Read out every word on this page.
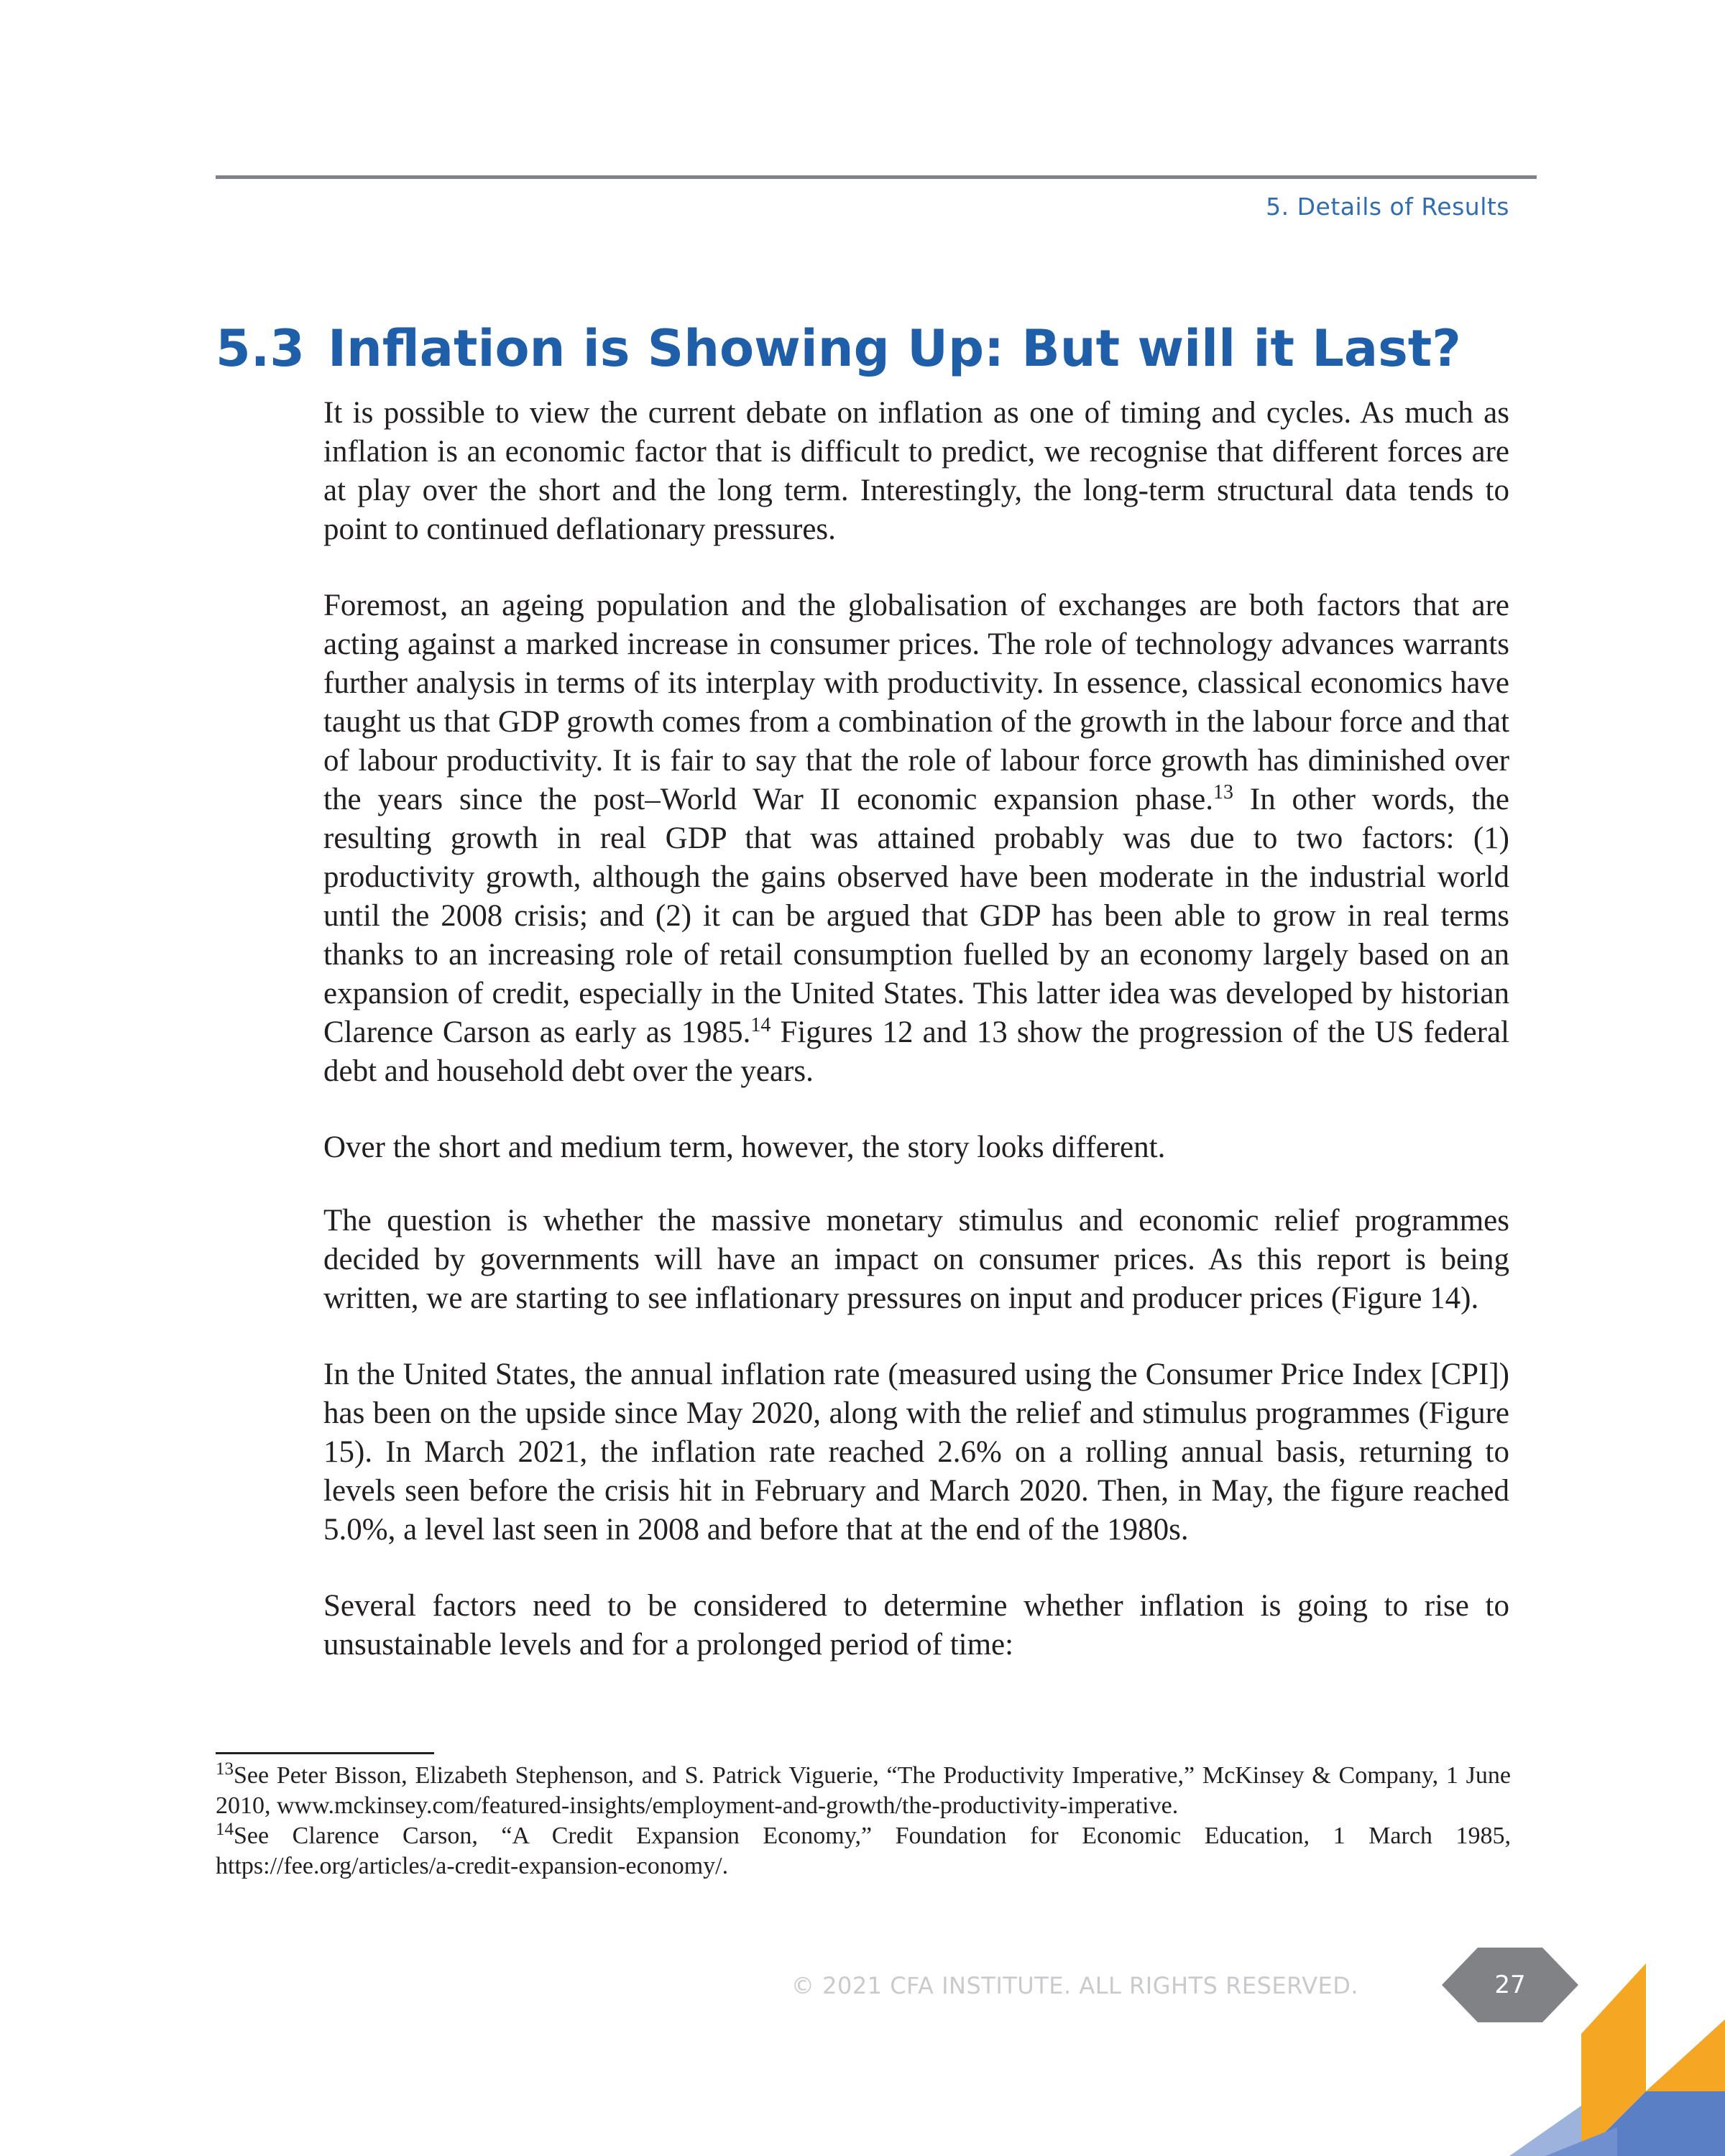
5. Details of Results
5.3 Inflation is Showing Up: But will it Last?

It is possible to view the current debate on inflation as one of timing and cycles. As much as inflation is an economic factor that is difficult to predict, we recognise that different forces are at play over the short and the long term. Interestingly, the long-term structural data tends to point to continued deflationary pressures.

Foremost, an ageing population and the globalisation of exchanges are both factors that are acting against a marked increase in consumer prices. The role of technology advances warrants further analysis in terms of its interplay with productivity. In essence, classical economics have taught us that GDP growth comes from a combination of the growth in the labour force and that of labour productivity. It is fair to say that the role of labour force growth has diminished over the years since the post–World War II economic expansion phase.$^{13}$ In other words, the resulting growth in real GDP that was attained probably was due to two factors: (1) productivity growth, although the gains observed have been moderate in the industrial world until the 2008 crisis; and (2) it can be argued that GDP has been able to grow in real terms thanks to an increasing role of retail consumption fuelled by an economy largely based on an expansion of credit, especially in the United States. This latter idea was developed by historian Clarence Carson as early as 1985.14 Figures 12 and 13 show the progression of the US federal debt and household debt over the years.

Over the short and medium term, however, the story looks different.

The question is whether the massive monetary stimulus and economic relief programmes decided by governments will have an impact on consumer prices. As this report is being written, we are starting to see inflationary pressures on input and producer prices (Figure 14).

In the United States, the annual inflation rate (measured using the Consumer Price Index [CPI]) has been on the upside since May 2020, along with the relief and stimulus programmes (Figure 15). In March 2021, the inflation rate reached 2.6% on a rolling annual basis, returning to levels seen before the crisis hit in February and March 2020. Then, in May, the figure reached 5.0%, a level last seen in 2008 and before that at the end of the 1980s.

Several factors need to be considered to determine whether inflation is going to rise to unsustainable levels and for a prolonged period of time:

$^{13}$See Peter Bisson, Elizabeth Stephenson, and S. Patrick Viguerie, “The Productivity Imperative,” McKinsey & Company, 1 June 2010, www.mckinsey.com/featured-insights/employment-and-growth/the-productivity-imperative.

$^{14}$See Clarence Carson, “A Credit Expansion Economy,” Foundation for Economic Education, 1 March 1985, https://fee.org/articles/a-credit-expansion-economy/.

© 2021 CFA INSTITUTE. ALL RIGHTS RESERVED.	27
